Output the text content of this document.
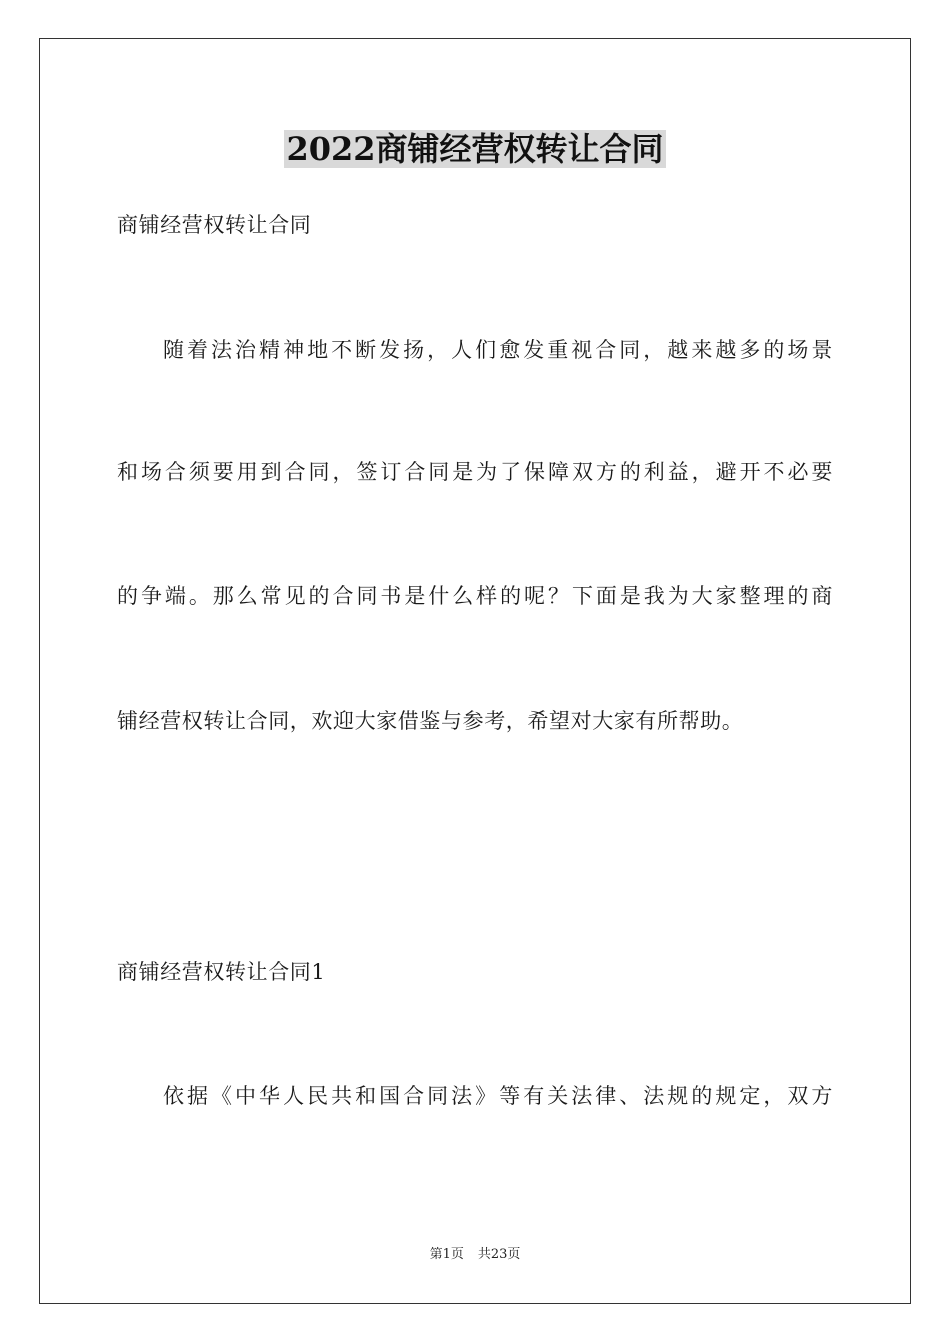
2022商铺经营权转让合同
商铺经营权转让合同
随着法治精神地不断发扬，人们愈发重视合同，越来越多的场景
和场合须要用到合同，签订合同是为了保障双方的利益，避开不必要
的争端。那么常见的合同书是什么样的呢？下面是我为大家整理的商
铺经营权转让合同，欢迎大家借鉴与参考，希望对大家有所帮助。
商铺经营权转让合同1
依据《中华人民共和国合同法》等有关法律、法规的规定，双方
第1页 共23页
